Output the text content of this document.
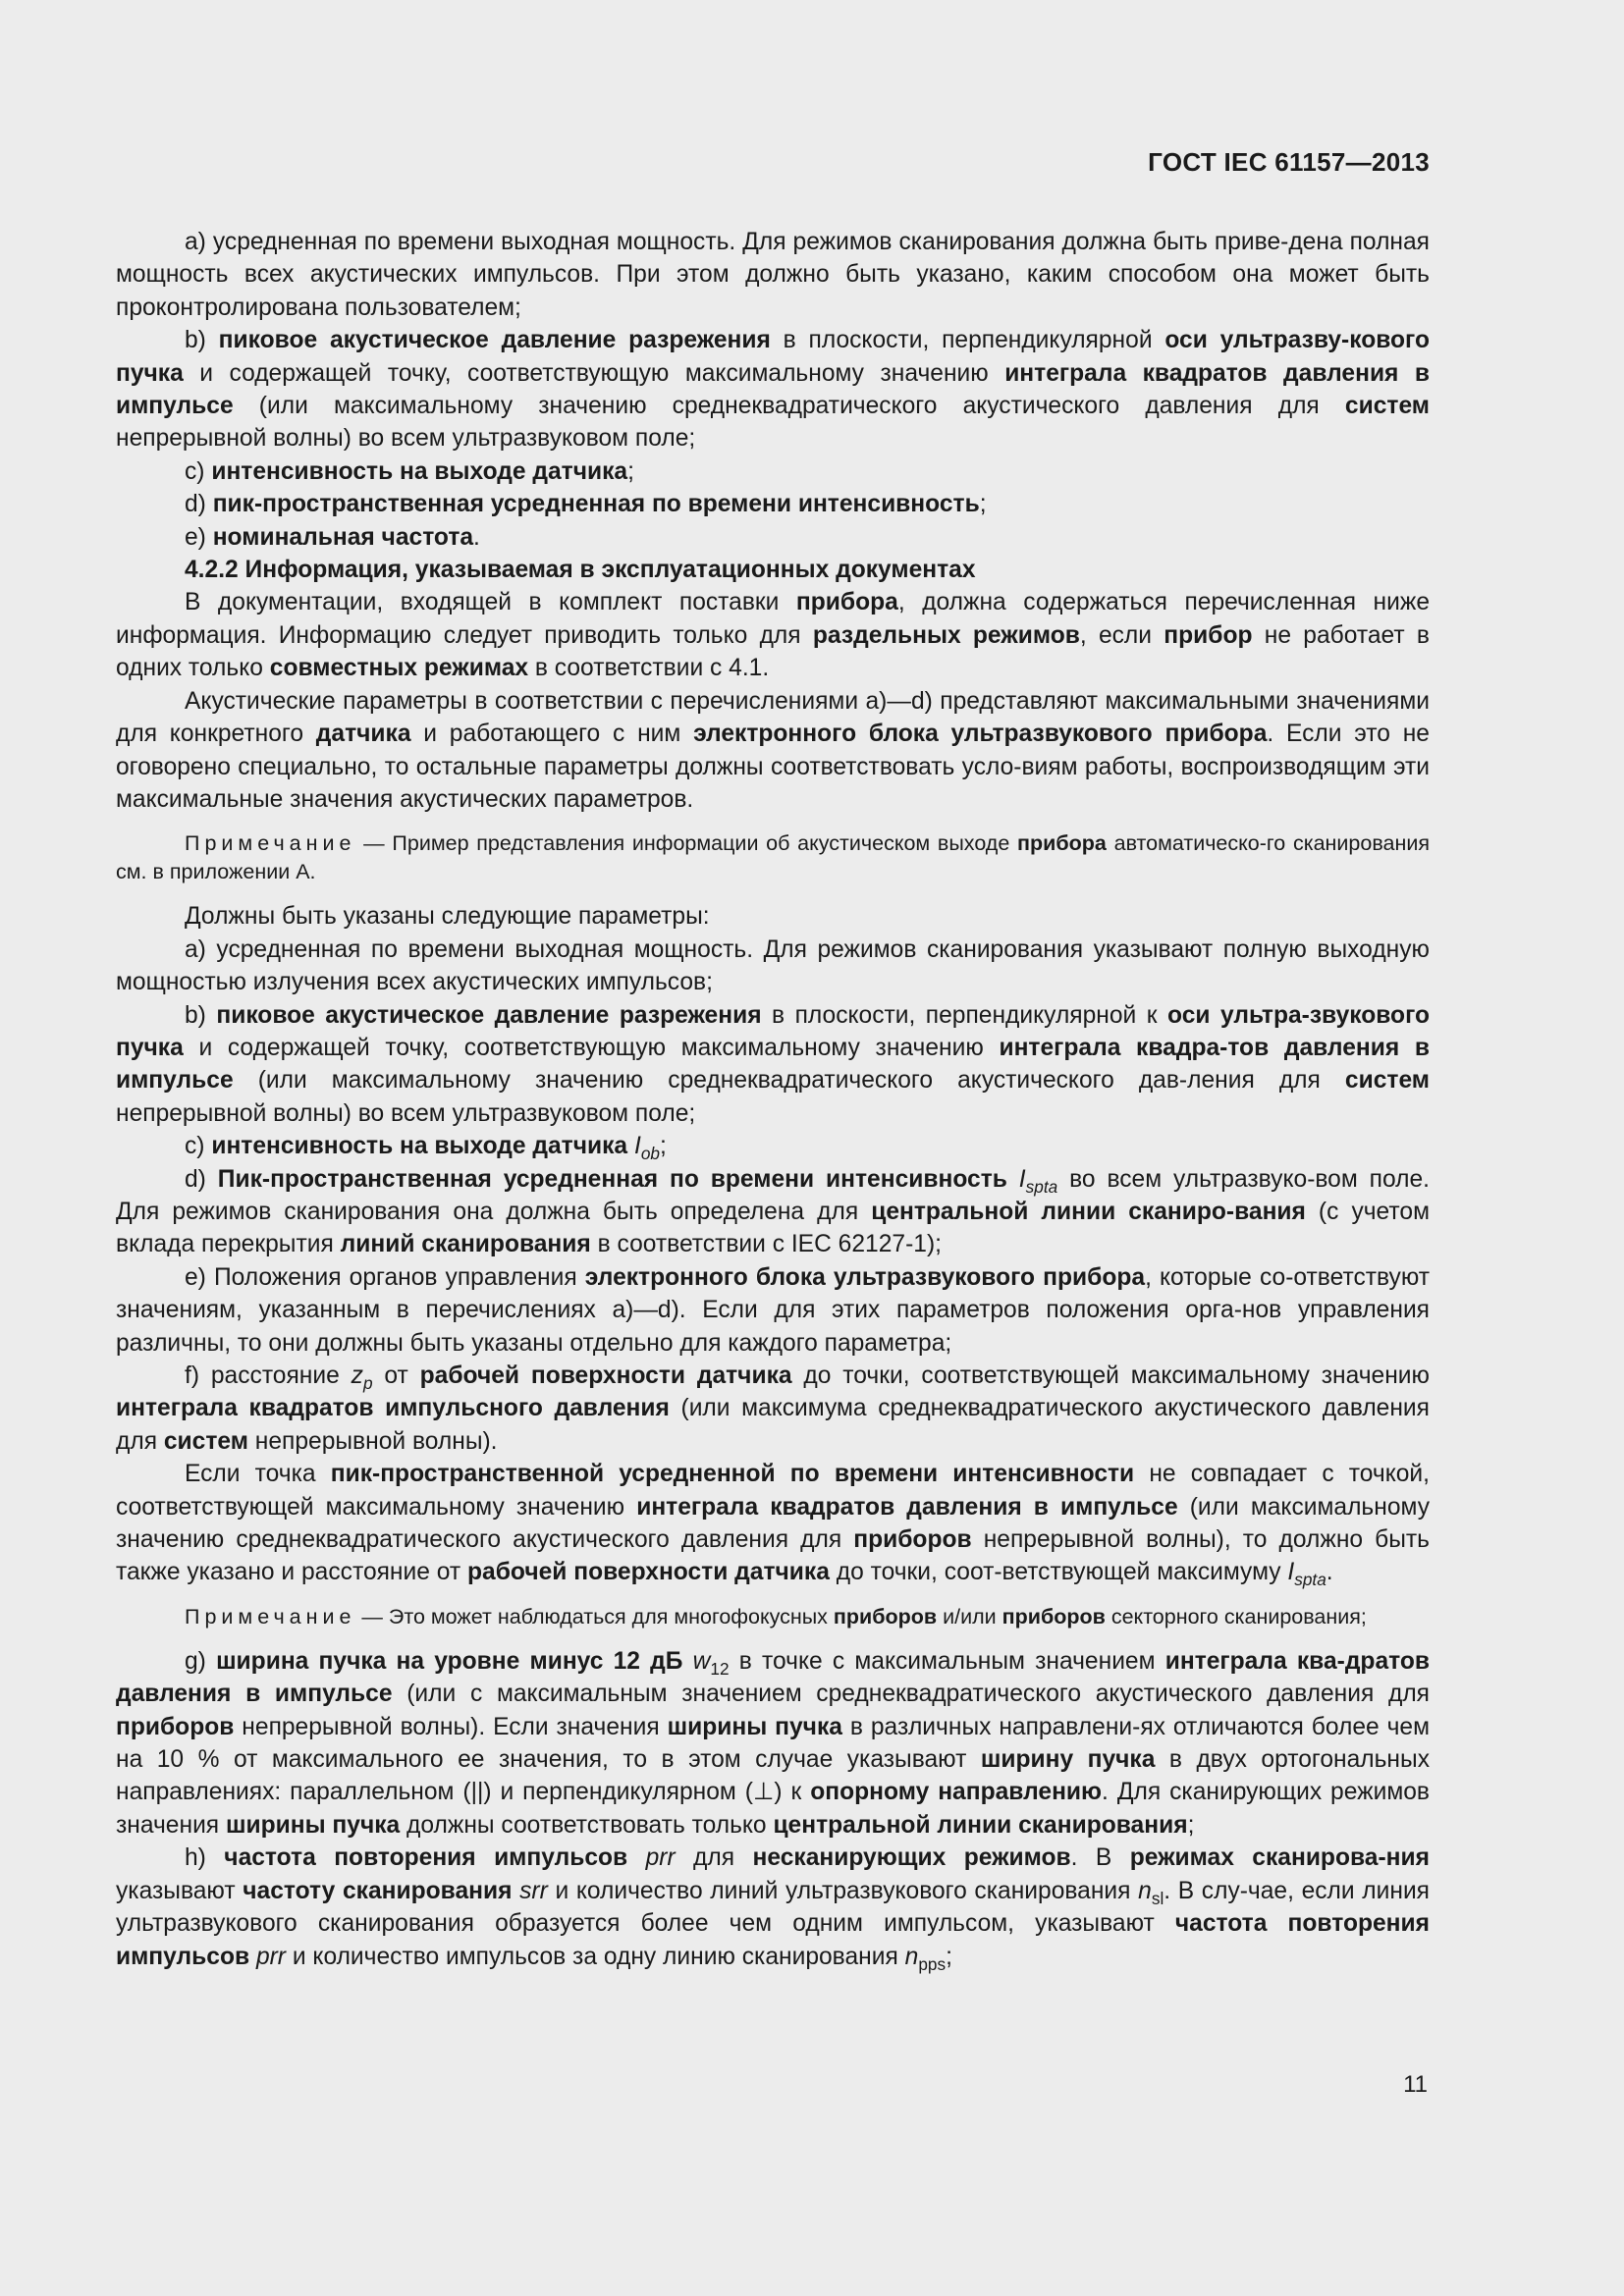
ГОСТ IEC 61157—2013

а) усредненная по времени выходная мощность. Для режимов сканирования должна быть приве-дена полная мощность всех акустических импульсов. При этом должно быть указано, каким способом она может быть проконтролирована пользователем;

b) пиковое акустическое давление разрежения в плоскости, перпендикулярной оси ультразву-кового пучка и содержащей точку, соответствующую максимальному значению интеграла квадратов давления в импульсе (или максимальному значению среднеквадратического акустического давления для систем непрерывной волны) во всем ультразвуковом поле;

с) интенсивность на выходе датчика;

d) пик-пространственная усредненная по времени интенсивность;

е) номинальная частота.

4.2.2 Информация, указываемая в эксплуатационных документах

В документации, входящей в комплект поставки прибора, должна содержаться перечисленная ниже информация. Информацию следует приводить только для раздельных режимов, если прибор не работает в одних только совместных режимах в соответствии с 4.1.

Акустические параметры в соответствии с перечислениями а)—d) представляют максимальными значениями для конкретного датчика и работающего с ним электронного блока ультразвукового прибора. Если это не оговорено специально, то остальные параметры должны соответствовать усло-виям работы, воспроизводящим эти максимальные значения акустических параметров.

Примечание — Пример представления информации об акустическом выходе прибора автоматическо-го сканирования см. в приложении А.

Должны быть указаны следующие параметры:

а) усредненная по времени выходная мощность. Для режимов сканирования указывают полную выходную мощностью излучения всех акустических импульсов;

b) пиковое акустическое давление разрежения в плоскости, перпендикулярной к оси ультра-звукового пучка и содержащей точку, соответствующую максимальному значению интеграла квадра-тов давления в импульсе (или максимальному значению среднеквадратического акустического дав-ления для систем непрерывной волны) во всем ультразвуковом поле;

с) интенсивность на выходе датчика $I_{ob}$;

d) Пик-пространственная усредненная по времени интенсивность $I_{spta}$ во всем ультразвуко-вом поле. Для режимов сканирования она должна быть определена для центральной линии сканиро-вания (с учетом вклада перекрытия линий сканирования в соответствии с IEC 62127-1);

е) Положения органов управления электронного блока ультразвукового прибора, которые со-ответствуют значениям, указанным в перечислениях а)—d). Если для этих параметров положения орга-нов управления различны, то они должны быть указаны отдельно для каждого параметра;

f) расстояние $z_p$ от рабочей поверхности датчика до точки, соответствующей максимальному значению интеграла квадратов импульсного давления (или максимума среднеквадратического акустического давления для систем непрерывной волны).

Если точка пик-пространственной усредненной по времени интенсивности не совпадает с точкой, соответствующей максимальному значению интеграла квадратов давления в импульсе (или максимальному значению среднеквадратического акустического давления для приборов непрерывной волны), то должно быть также указано и расстояние от рабочей поверхности датчика до точки, соот-ветствующей максимуму $I_{spta}$.

Примечание — Это может наблюдаться для многофокусных приборов и/или приборов секторного сканирования;

g) ширина пучка на уровне минус 12 дБ $w_{12}$ в точке с максимальным значением интеграла ква-дратов давления в импульсе (или с максимальным значением среднеквадратического акустического давления для приборов непрерывной волны). Если значения ширины пучка в различных направлени-ях отличаются более чем на 10 % от максимального ее значения, то в этом случае указывают ширину пучка в двух ортогональных направлениях: параллельном (||) и перпендикулярном (⊥) к опорному направлению. Для сканирующих режимов значения ширины пучка должны соответствовать только центральной линии сканирования;

h) частота повторения импульсов prr для несканирующих режимов. В режимах сканирова-ния указывают частоту сканирования srr и количество линий ультразвукового сканирования $n_{sl}$. В слу-чае, если линия ультразвукового сканирования образуется более чем одним импульсом, указывают частота повторения импульсов prr и количество импульсов за одну линию сканирования $n_{pps}$;

11
